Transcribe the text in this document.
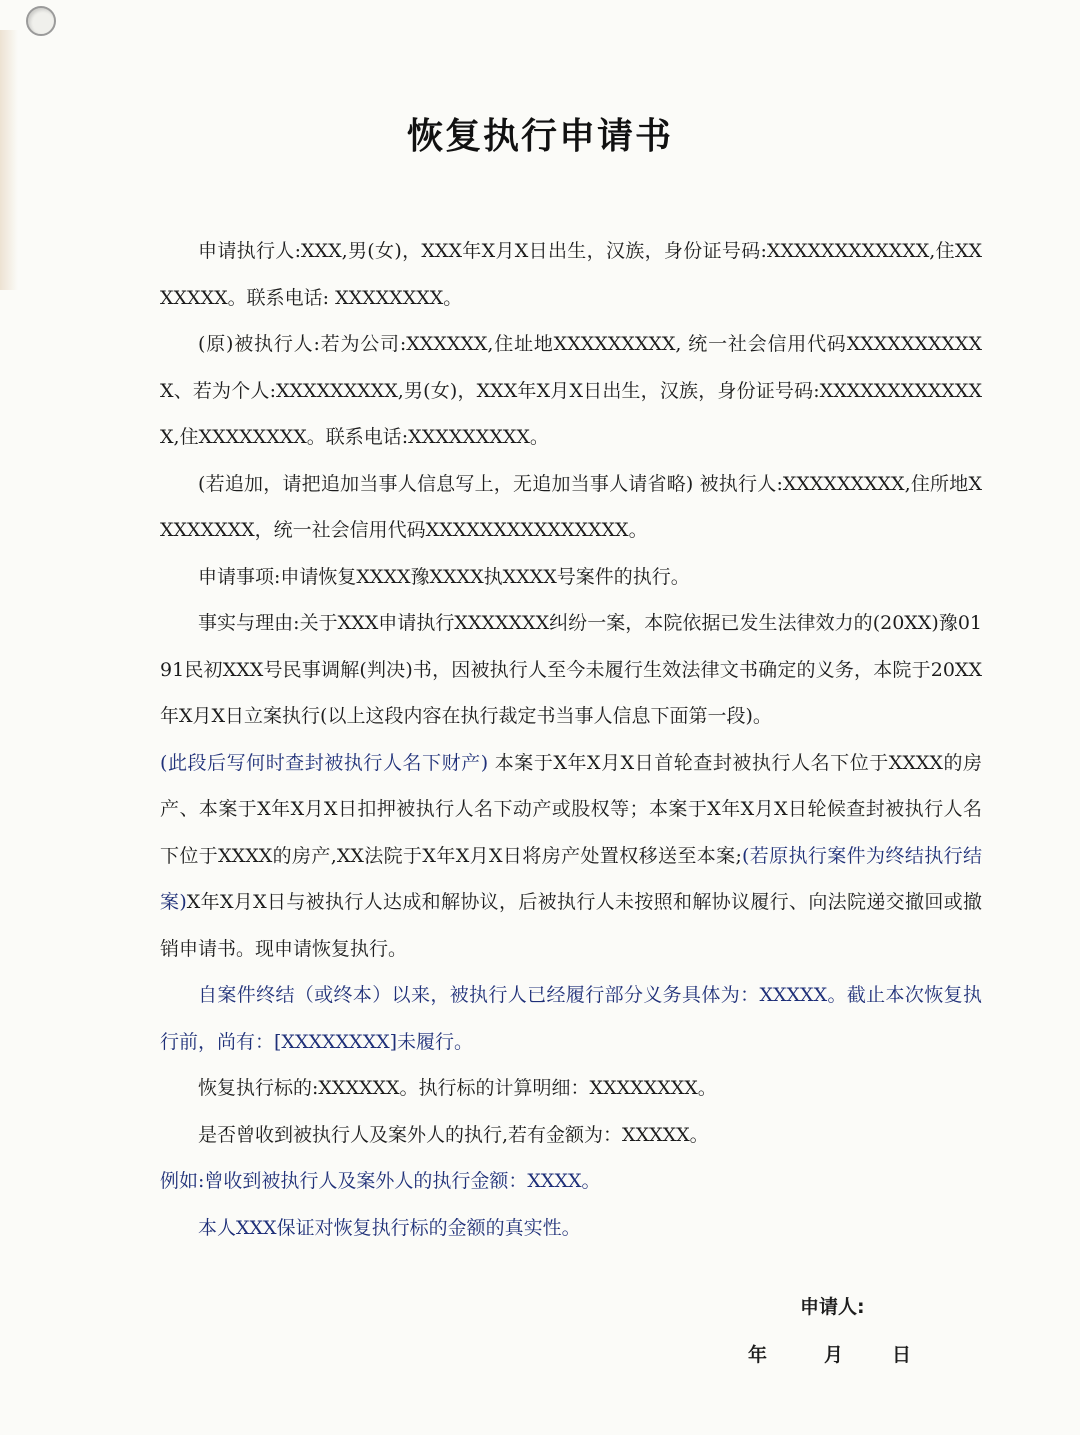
恢复执行申请书

申请执行人:XXX,男(女)，XXX年X月X日出生，汉族，身份证号码:XXXXXXXXXXXX,住XXXXXXX。联系电话: XXXXXXXX。

(原)被执行人:若为公司:XXXXXX,住址地XXXXXXXXX, 统一社会信用代码XXXXXXXXXXX、若为个人:XXXXXXXXX,男(女)，XXX年X月X日出生，汉族，身份证号码:XXXXXXXXXXXXX,住XXXXXXXX。联系电话:XXXXXXXXX。

(若追加，请把追加当事人信息写上，无追加当事人请省略) 被执行人:XXXXXXXXX,住所地XXXXXXXX，统一社会信用代码XXXXXXXXXXXXXXX。

申请事项:申请恢复XXXX豫XXXX执XXXX号案件的执行。

事实与理由:关于XXX申请执行XXXXXXX纠纷一案，本院依据已发生法律效力的(20XX)豫0191民初XXX号民事调解(判决)书，因被执行人至今未履行生效法律文书确定的义务，本院于20XX年X月X日立案执行(以上这段内容在执行裁定书当事人信息下面第一段)。

(此段后写何时查封被执行人名下财产) 本案于X年X月X日首轮查封被执行人名下位于XXXX的房产、本案于X年X月X日扣押被执行人名下动产或股权等；本案于X年X月X日轮候查封被执行人名下位于XXXX的房产,XX法院于X年X月X日将房产处置权移送至本案;(若原执行案件为终结执行结案)X年X月X日与被执行人达成和解协议，后被执行人未按照和解协议履行、向法院递交撤回或撤销申请书。现申请恢复执行。

自案件终结（或终本）以来，被执行人已经履行部分义务具体为：XXXXX。截止本次恢复执行前，尚有：[XXXXXXXX]未履行。

恢复执行标的:XXXXXX。执行标的计算明细：XXXXXXXX。

是否曾收到被执行人及案外人的执行,若有金额为：XXXXX。

例如:曾收到被执行人及案外人的执行金额：XXXX。

本人XXX保证对恢复执行标的金额的真实性。

申请人:
年	月	日
